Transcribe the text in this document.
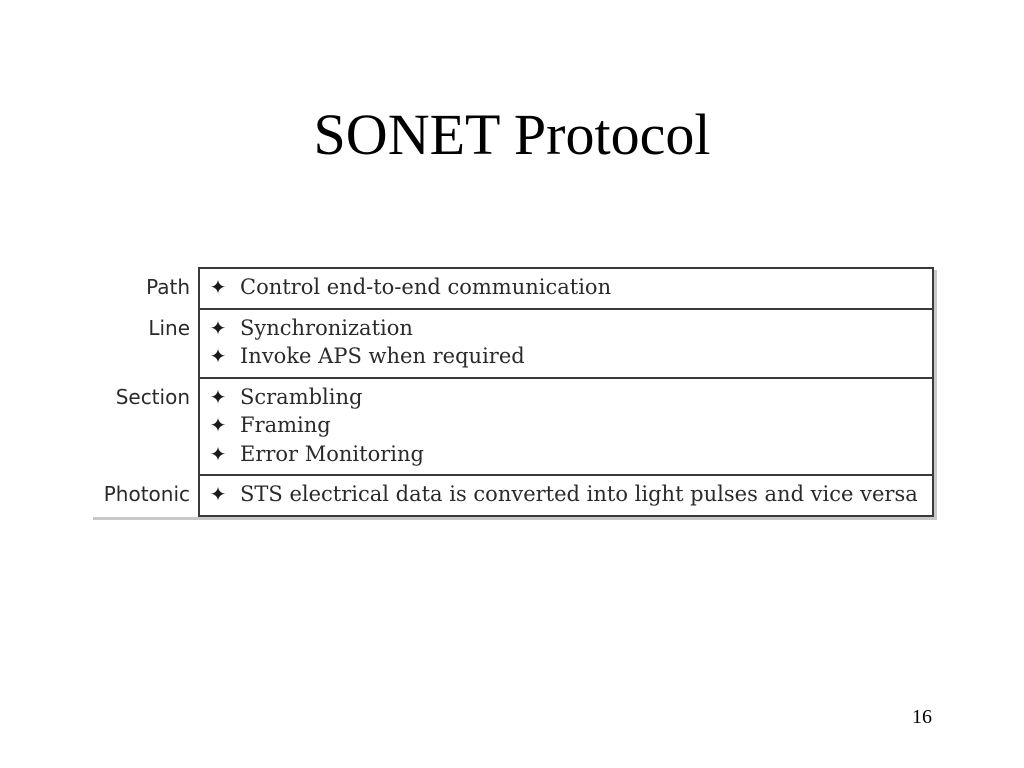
SONET Protocol
Path ✦ Control end-to-end communication
Line ✦ Synchronization
✦ Invoke APS when required
Section ✦ Scrambling
✦ Framing
✦ Error Monitoring
Photonic ✦ STS electrical data is converted into light pulses and vice versa
16
